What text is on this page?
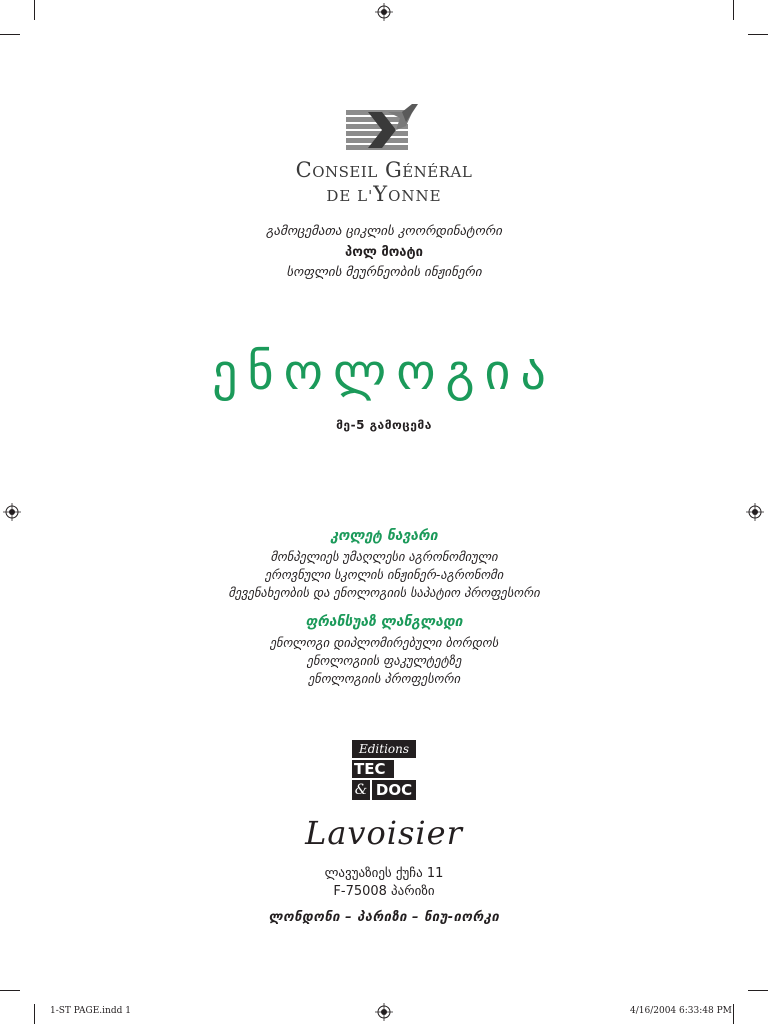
CONSEIL GÉNÉRAL
DE L'YONNE
გამოცემათა ციკლის კოორდინატორი
პოლ მოატი
სოფლის მეურნეობის ინჟინერი
ენოლოგია
მე-5 გამოცემა
კოლეტ ნავარი
მონპელიეს უმაღლესი აგრონომიული
ეროვნული სკოლის ინჟინერ-აგრონომი
მევენახეობის და ენოლოგიის საპატიო პროფესორი
ფრანსუაზ ლანგლადი
ენოლოგი დიპლომირებული ბორდოს
ენოლოგიის ფაკულტეტზე
ენოლოგიის პროფესორი
Editions
TEC
& DOC
Lavoisier
ლავუაზიეს ქუჩა 11
F-75008 პარიზი
ლონდონი – პარიზი – ნიუ-იორკი
1-ST PAGE.indd 1	4/16/2004 6:33:48 PM
